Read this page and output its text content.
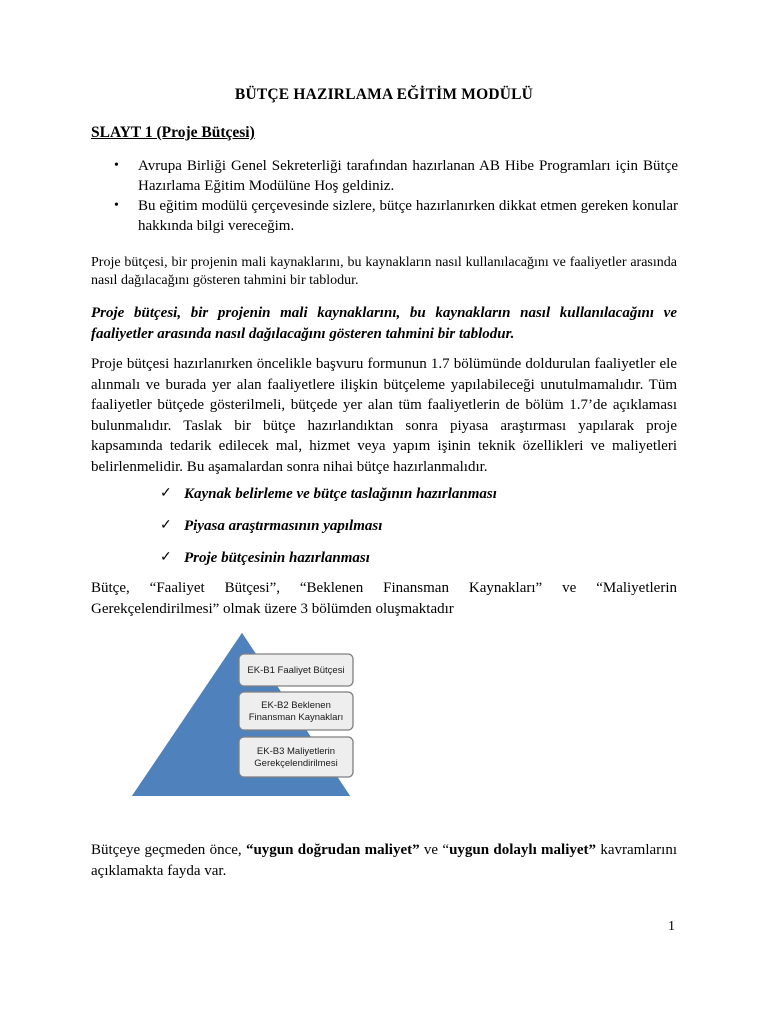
BÜTÇE HAZIRLAMA EĞİTİM MODÜLÜ
SLAYT 1 (Proje Bütçesi)
• Avrupa Birliği Genel Sekreterliği tarafından hazırlanan AB Hibe Programları için Bütçe Hazırlama Eğitim Modülüne Hoş geldiniz.
• Bu eğitim modülü çerçevesinde sizlere, bütçe hazırlanırken dikkat etmen gereken konular hakkında bilgi vereceğim.

Proje bütçesi, bir projenin mali kaynaklarını, bu kaynakların nasıl kullanılacağını ve faaliyetler arasında nasıl dağılacağını gösteren tahmini bir tablodur.

Proje bütçesi, bir projenin mali kaynaklarını, bu kaynakların nasıl kullanılacağını ve faaliyetler arasında nasıl dağılacağını gösteren tahmini bir tablodur.

Proje bütçesi hazırlanırken öncelikle başvuru formunun 1.7 bölümünde doldurulan faaliyetler ele alınmalı ve burada yer alan faaliyetlere ilişkin bütçeleme yapılabileceği unutulmamalıdır. Tüm faaliyetler bütçede gösterilmeli, bütçede yer alan tüm faaliyetlerin de bölüm 1.7’de açıklaması bulunmalıdır. Taslak bir bütçe hazırlandıktan sonra piyasa araştırması yapılarak proje kapsamında tedarik edilecek mal, hizmet veya yapım işinin teknik özellikleri ve maliyetleri belirlenmelidir. Bu aşamalardan sonra nihai bütçe hazırlanmalıdır.

✓ Kaynak belirleme ve bütçe taslağının hazırlanması
✓ Piyasa araştırmasının yapılması
✓ Proje bütçesinin hazırlanması

Bütçe, “Faaliyet Bütçesi”, “Beklenen Finansman Kaynakları” ve “Maliyetlerin Gerekçelendirilmesi” olmak üzere 3 bölümden oluşmaktadır

EK-B1 Faaliyet Bütçesi
EK-B2 Beklenen
Finansman Kaynakları
EK-B3 Maliyetlerin
Gerekçelendirilmesi

Bütçeye geçmeden önce, “uygun doğrudan maliyet” ve “uygun dolaylı maliyet” kavramlarını açıklamakta fayda var.

1
